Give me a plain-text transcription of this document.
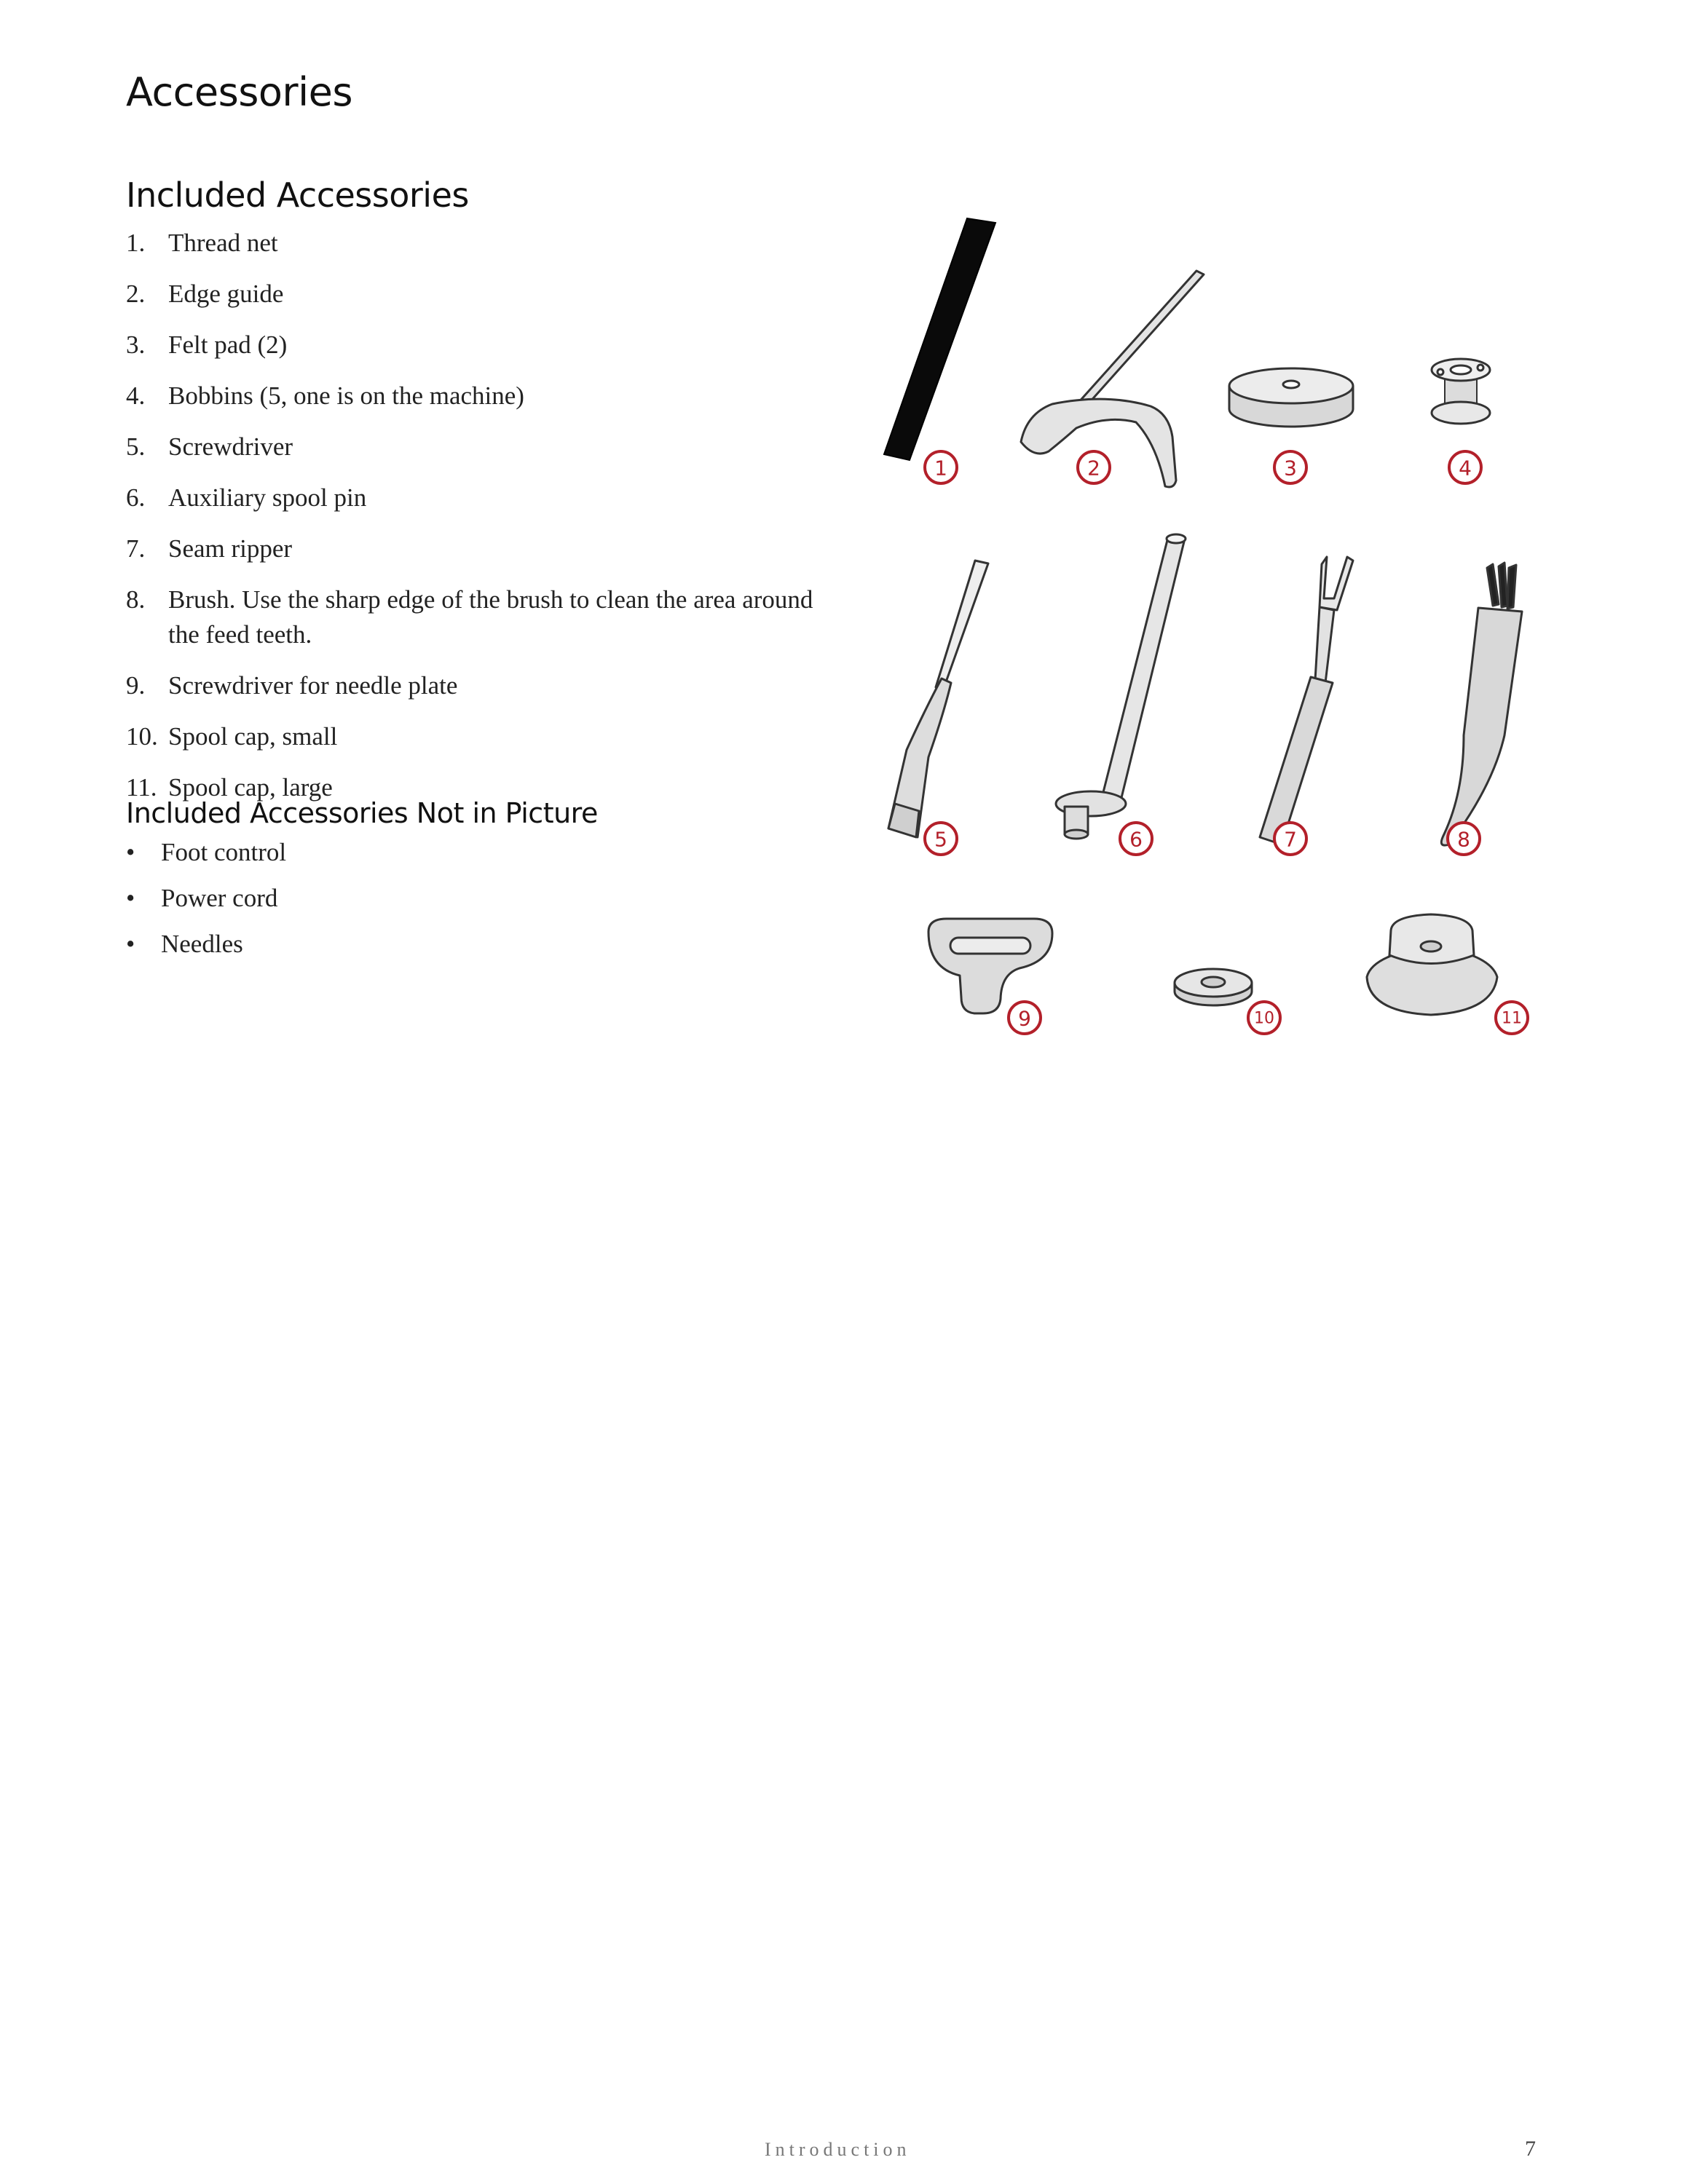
Accessories
Included Accessories
1. Thread net
2. Edge guide
3. Felt pad (2)
4. Bobbins (5, one is on the machine)
5. Screwdriver
6. Auxiliary spool pin
7. Seam ripper
8. Brush. Use the sharp edge of the brush to clean the area around the feed teeth.
9. Screwdriver for needle plate
10. Spool cap, small
11. Spool cap, large
Included Accessories Not in Picture
• Foot control
• Power cord
• Needles
1	2	3	4
5	6	7	8
9	10	11
Introduction	7
